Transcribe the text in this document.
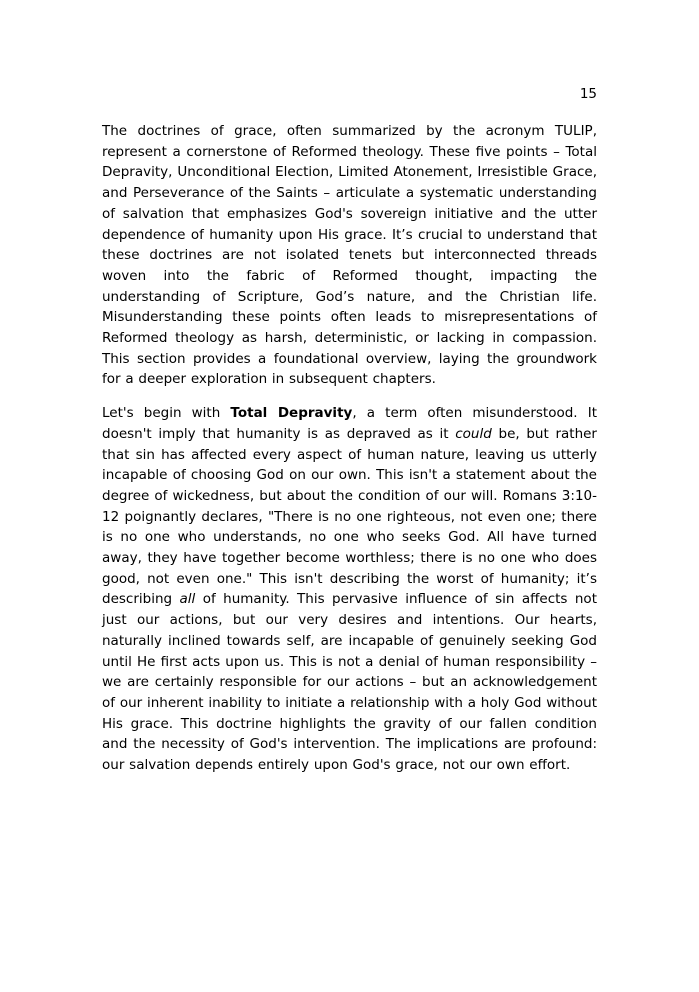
15

The doctrines of grace, often summarized by the acronym TULIP, represent a cornerstone of Reformed theology. These five points – Total Depravity, Unconditional Election, Limited Atonement, Irresistible Grace, and Perseverance of the Saints – articulate a systematic understanding of salvation that emphasizes God's sovereign initiative and the utter dependence of humanity upon His grace. It’s crucial to understand that these doctrines are not isolated tenets but interconnected threads woven into the fabric of Reformed thought, impacting the understanding of Scripture, God’s nature, and the Christian life. Misunderstanding these points often leads to misrepresentations of Reformed theology as harsh, deterministic, or lacking in compassion. This section provides a foundational overview, laying the groundwork for a deeper exploration in subsequent chapters.

Let's begin with Total Depravity, a term often misunderstood. It doesn't imply that humanity is as depraved as it could be, but rather that sin has affected every aspect of human nature, leaving us utterly incapable of choosing God on our own. This isn't a statement about the degree of wickedness, but about the condition of our will. Romans 3:10-12 poignantly declares, "There is no one righteous, not even one; there is no one who understands, no one who seeks God. All have turned away, they have together become worthless; there is no one who does good, not even one." This isn't describing the worst of humanity; it’s describing all of humanity. This pervasive influence of sin affects not just our actions, but our very desires and intentions. Our hearts, naturally inclined towards self, are incapable of genuinely seeking God until He first acts upon us. This is not a denial of human responsibility – we are certainly responsible for our actions – but an acknowledgement of our inherent inability to initiate a relationship with a holy God without His grace. This doctrine highlights the gravity of our fallen condition and the necessity of God's intervention. The implications are profound: our salvation depends entirely upon God's grace, not our own effort.
